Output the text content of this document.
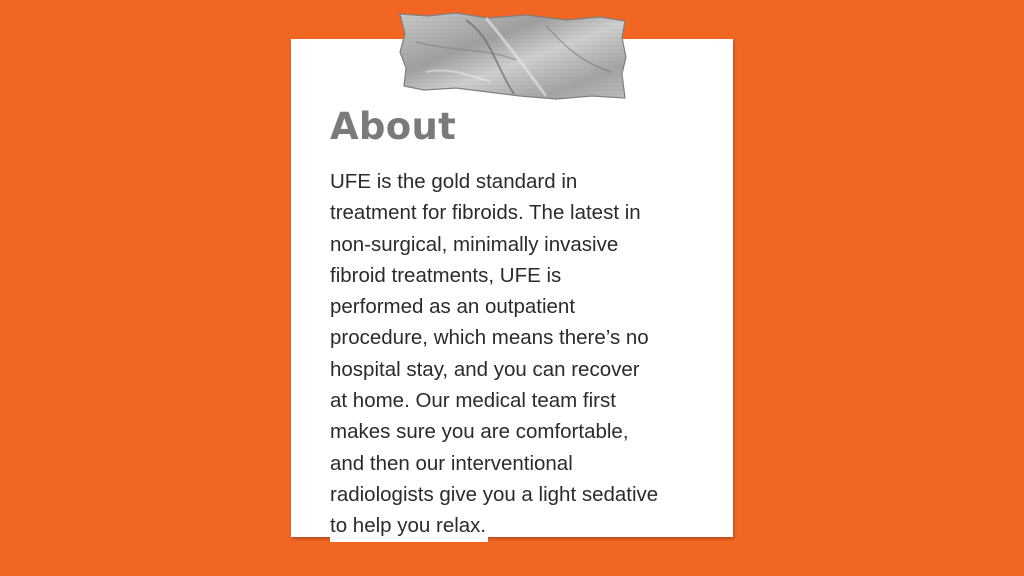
About

UFE is the gold standard in
treatment for fibroids. The latest in
non-surgical, minimally invasive
fibroid treatments, UFE is
performed as an outpatient
procedure, which means there’s no
hospital stay, and you can recover
at home. Our medical team first
makes sure you are comfortable,
and then our interventional
radiologists give you a light sedative
to help you relax.
